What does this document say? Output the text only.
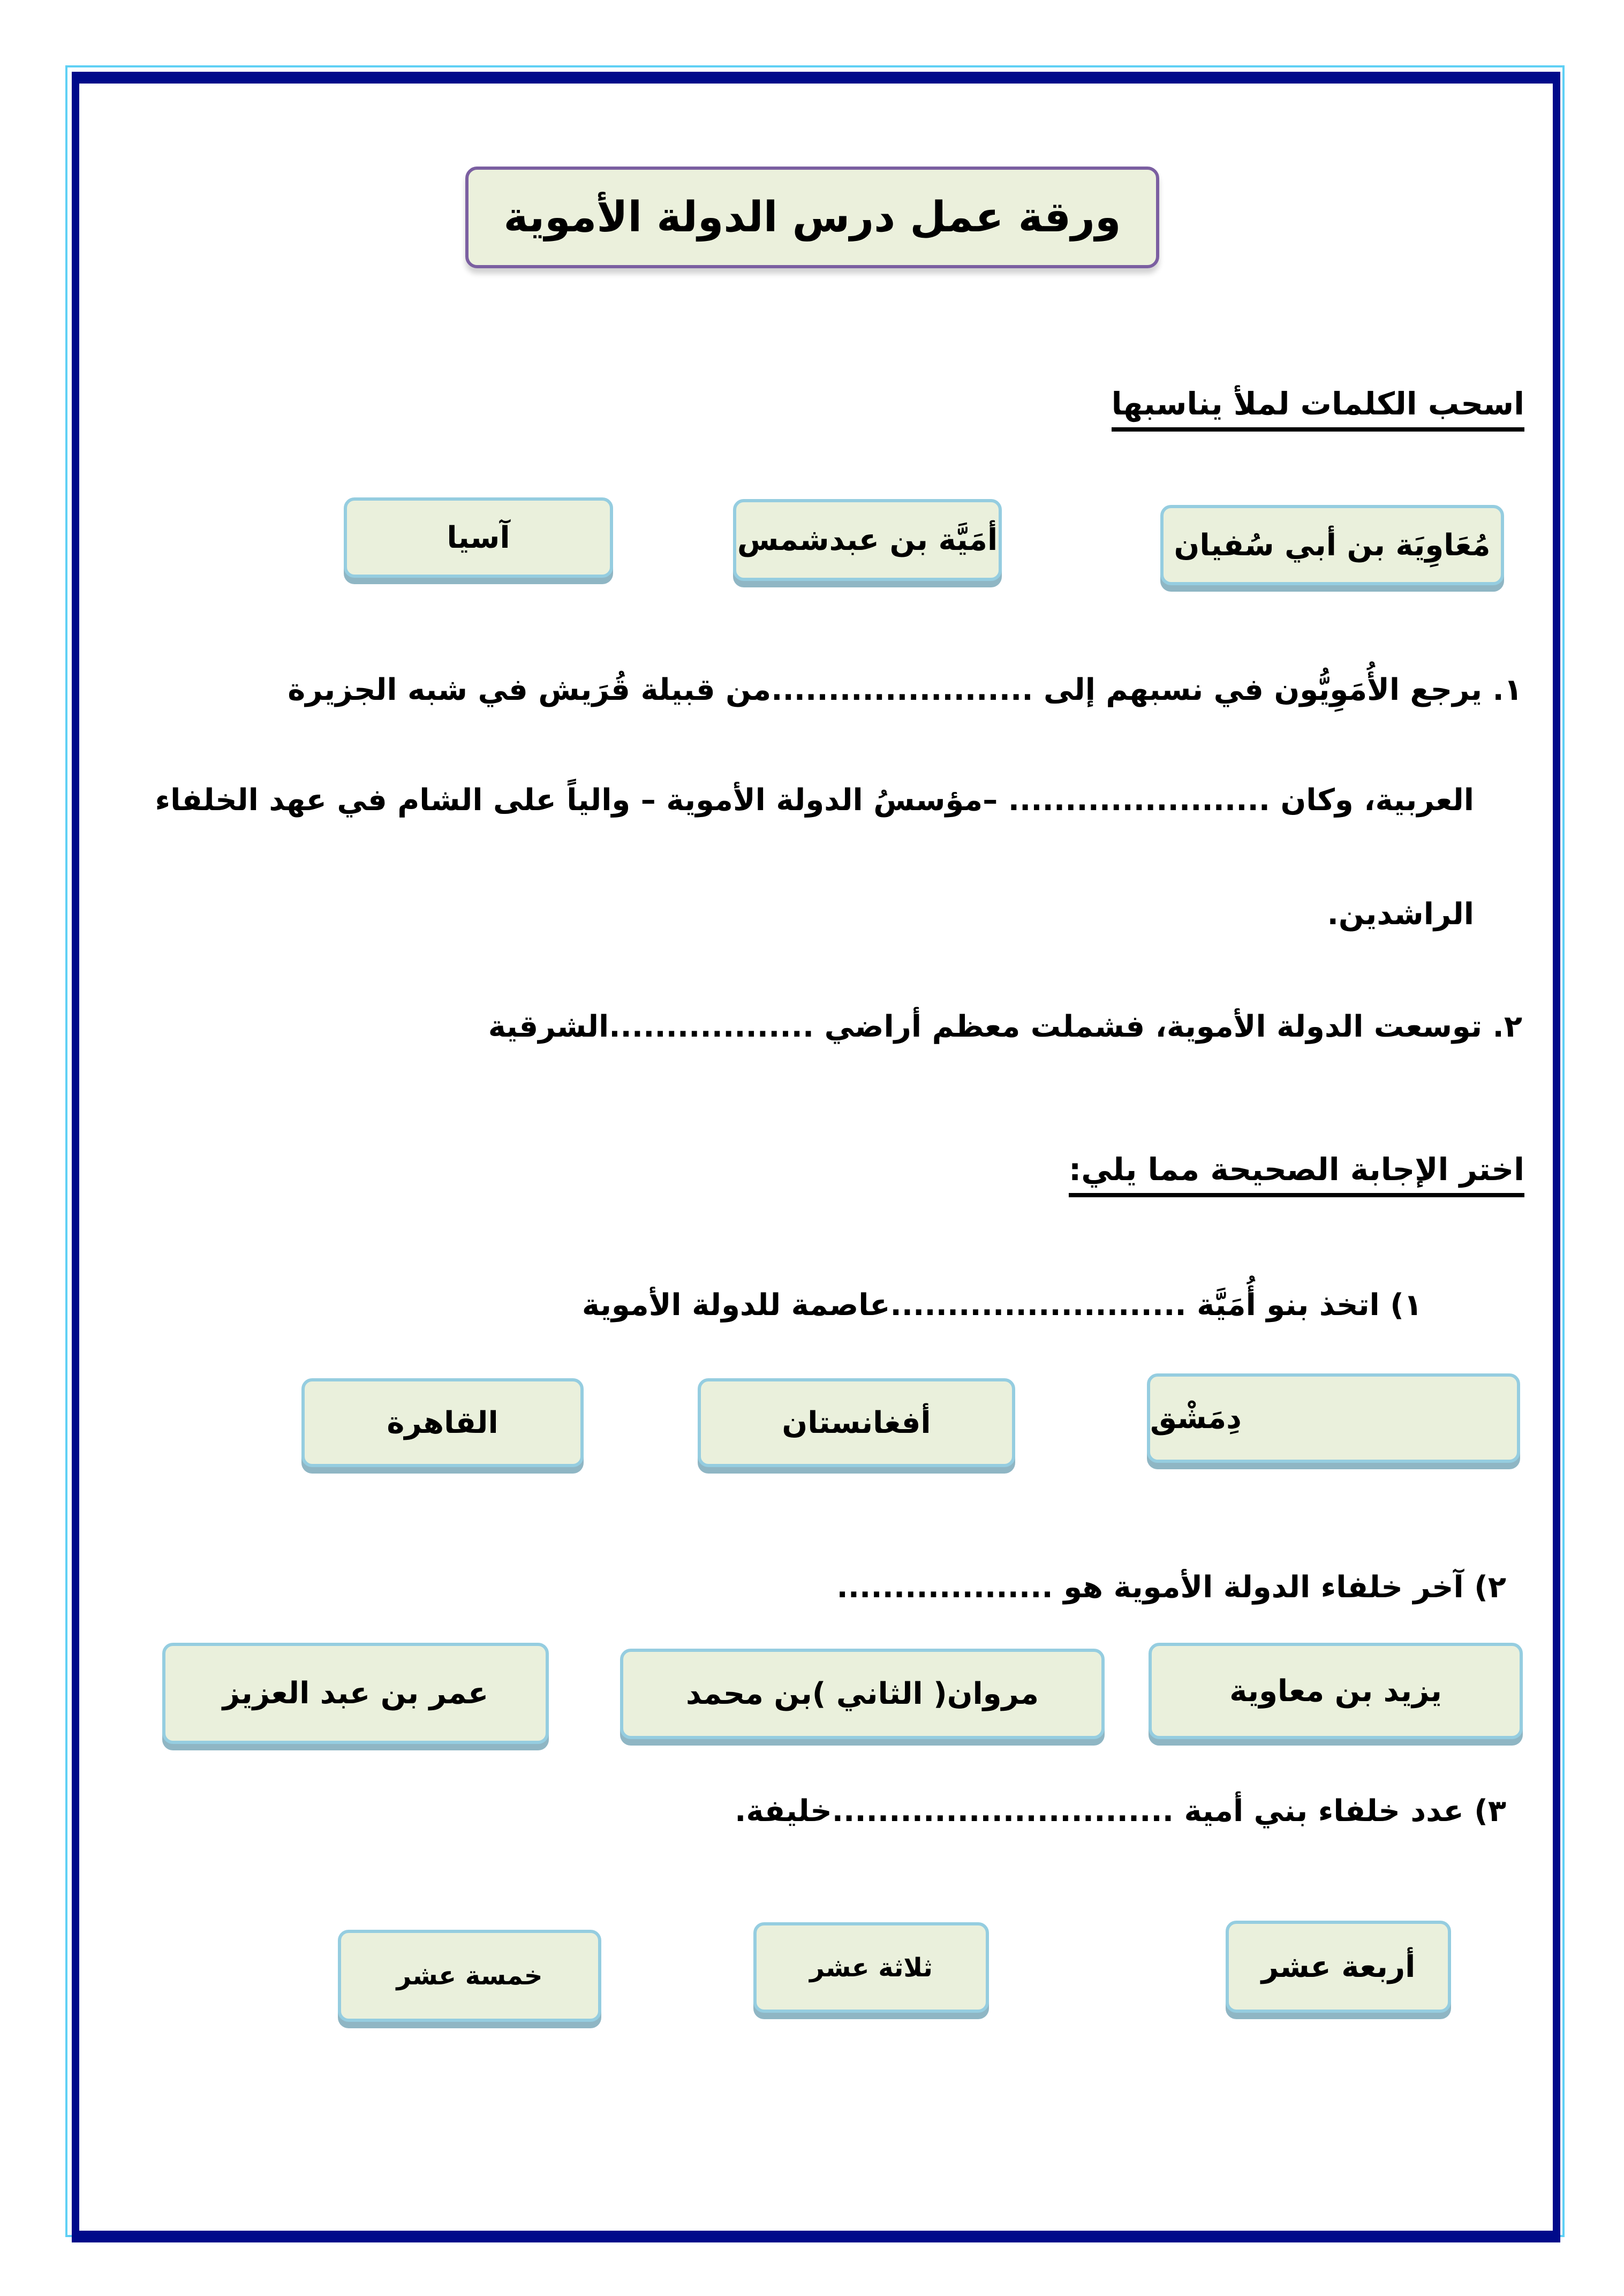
ورقة عمل درس الدولة الأموية
اسحب الكلمات لملأ يناسبها
مُعَاوِيَة بن أبي سُفيان
أمَيَّة بن عبدشمس
آسيا
١. يرجع الأُمَوِيُّون في نسبهم إلى .......................من قبيلة قُرَيش في شبه الجزيرة
العربية، وكان ....................... –مؤسسُ الدولة الأموية – والياً على الشام في عهد الخلفاء
الراشدين.
٢. توسعت الدولة الأموية، فشملت معظم أراضي ..................الشرقية
اختر الإجابة الصحيحة مما يلي:
١) اتخذ بنو أُمَيَّة ..........................عاصمة للدولة الأموية
دِمَشْق
أفغانستان
القاهرة
٢) آخر خلفاء الدولة الأموية هو ...................
يزيد بن معاوية
مروان( الثاني )بن محمد
عمر بن عبد العزيز
٣) عدد خلفاء بني أمية ..............................خليفة.
أربعة عشر
ثلاثة عشر
خمسة عشر
